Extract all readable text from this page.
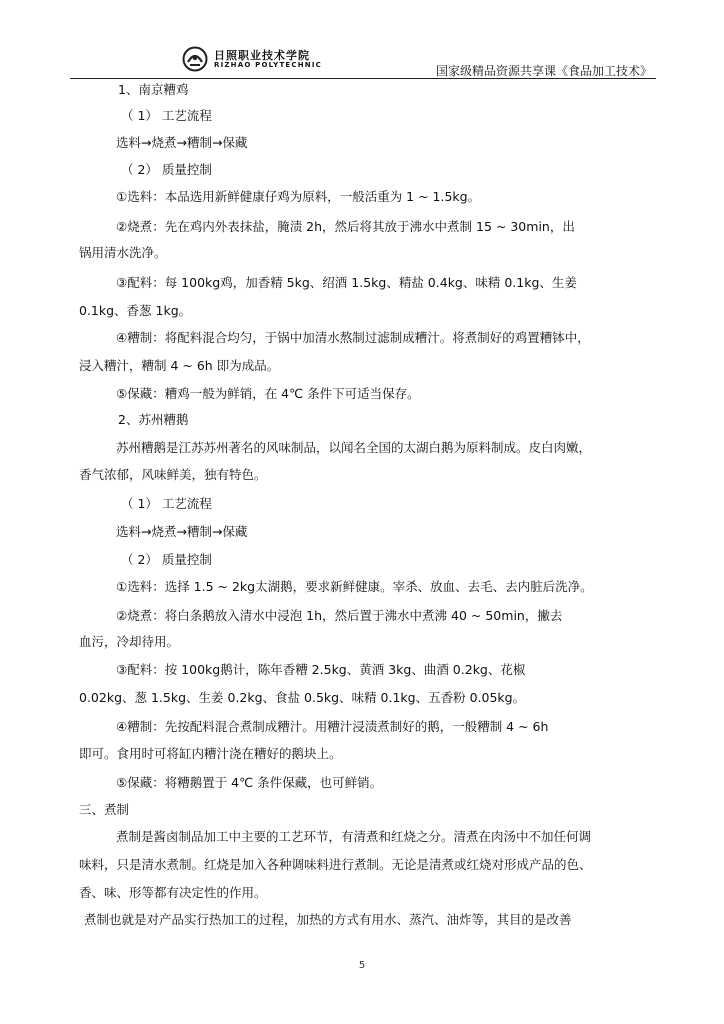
日照职业技术学院
RIZHAO POLYTECHNIC	国家级精品资源共享课《食品加工技术》
1、南京糟鸡
（ 1） 工艺流程
选料→烧煮→糟制→保藏
（ 2） 质量控制
①选料：本品选用新鲜健康仔鸡为原料，一般活重为 1 ~ 1.5kg。
②烧煮：先在鸡内外表抹盐，腌渍 2h，然后将其放于沸水中煮制 15 ~ 30min，出
锅用清水洗净。
③配料：每 100kg鸡，加香精 5kg、绍酒 1.5kg、精盐 0.4kg、味精 0.1kg、生姜
0.1kg、香葱 1kg。
④糟制：将配料混合均匀，于锅中加清水熬制过滤制成糟汁。将煮制好的鸡置糟钵中，
浸入糟汁，糟制 4 ~ 6h 即为成品。
⑤保藏：糟鸡一般为鲜销，在 4℃ 条件下可适当保存。
2、苏州糟鹅
苏州糟鹅是江苏苏州著名的风味制品，以闻名全国的太湖白鹅为原料制成。皮白肉嫩，
香气浓郁，风味鲜美，独有特色。
（ 1） 工艺流程
选料→烧煮→糟制→保藏
（ 2） 质量控制
①选料：选择 1.5 ~ 2kg太湖鹅，要求新鲜健康。宰杀、放血、去毛、去内脏后洗净。
②烧煮：将白条鹅放入清水中浸泡 1h，然后置于沸水中煮沸 40 ~ 50min，撇去
血污，冷却待用。
③配料：按 100kg鹅计，陈年香糟 2.5kg、黄酒 3kg、曲酒 0.2kg、花椒
0.02kg、葱 1.5kg、生姜 0.2kg、食盐 0.5kg、味精 0.1kg、五香粉 0.05kg。
④糟制：先按配料混合煮制成糟汁。用糟汁浸渍煮制好的鹅，一般糟制 4 ~ 6h
即可。食用时可将缸内糟汁浇在糟好的鹅块上。
⑤保藏：将糟鹅置于 4℃ 条件保藏，也可鲜销。
三、煮制
煮制是酱卤制品加工中主要的工艺环节，有清煮和红烧之分。清煮在肉汤中不加任何调
味料，只是清水煮制。红烧是加入各种调味料进行煮制。无论是清煮或红烧对形成产品的色、
香、味、形等都有决定性的作用。
煮制也就是对产品实行热加工的过程，加热的方式有用水、蒸汽、油炸等，其目的是改善
5
